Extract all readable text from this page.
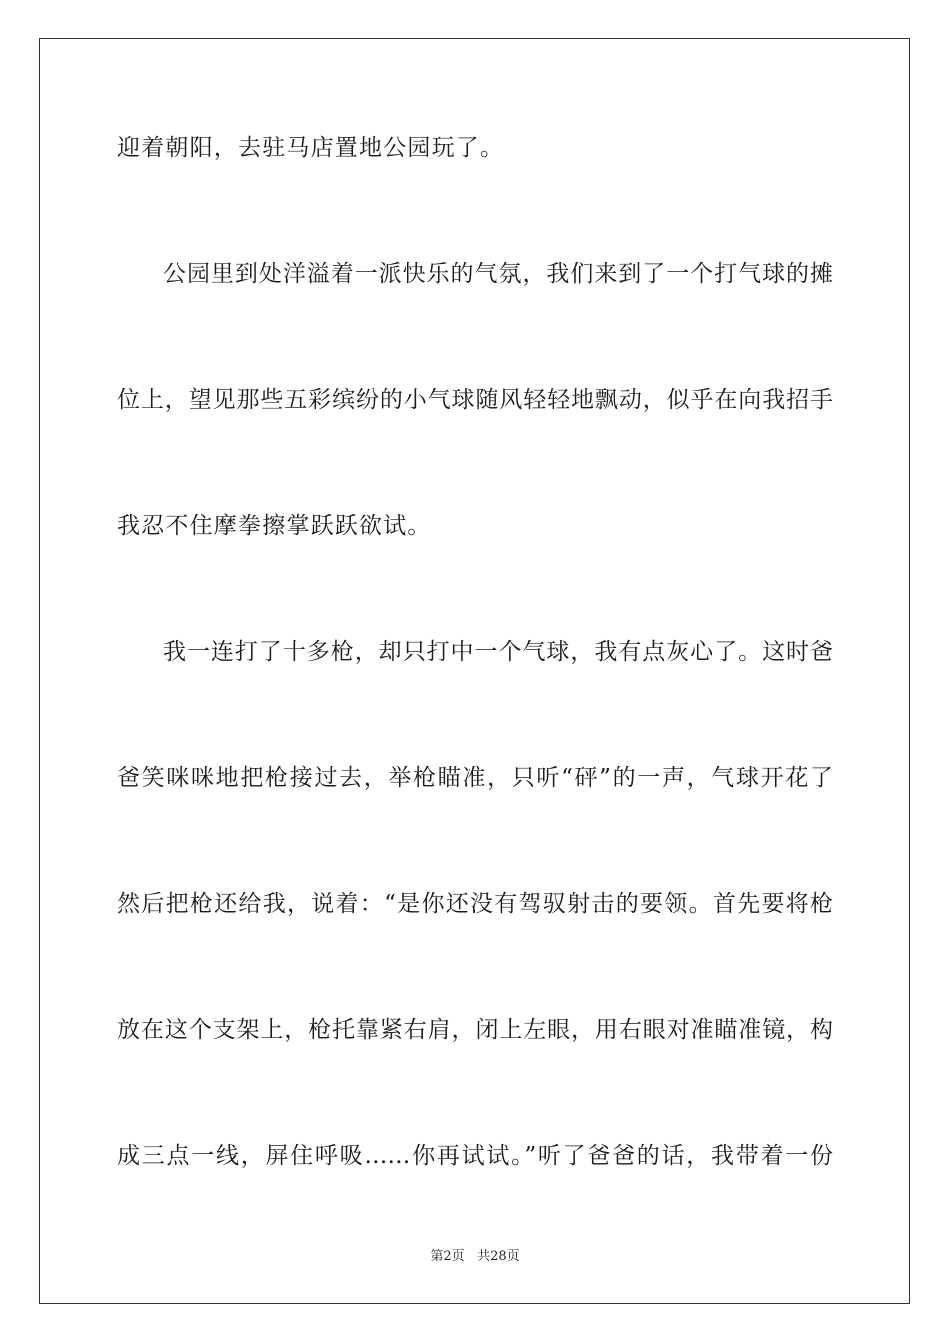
迎着朝阳，去驻马店置地公园玩了。
公园里到处洋溢着一派快乐的气氛，我们来到了一个打气球的摊
位上，望见那些五彩缤纷的小气球随风轻轻地飘动，似乎在向我招手
我忍不住摩拳擦掌跃跃欲试。
我一连打了十多枪，却只打中一个气球，我有点灰心了。这时爸
爸笑咪咪地把枪接过去，举枪瞄准，只听“砰”的一声，气球开花了
然后把枪还给我，说着：“是你还没有驾驭射击的要领。首先要将枪
放在这个支架上，枪托靠紧右肩，闭上左眼，用右眼对准瞄准镜，构
成三点一线，屏住呼吸……你再试试。”听了爸爸的话，我带着一份
第2页 共28页
